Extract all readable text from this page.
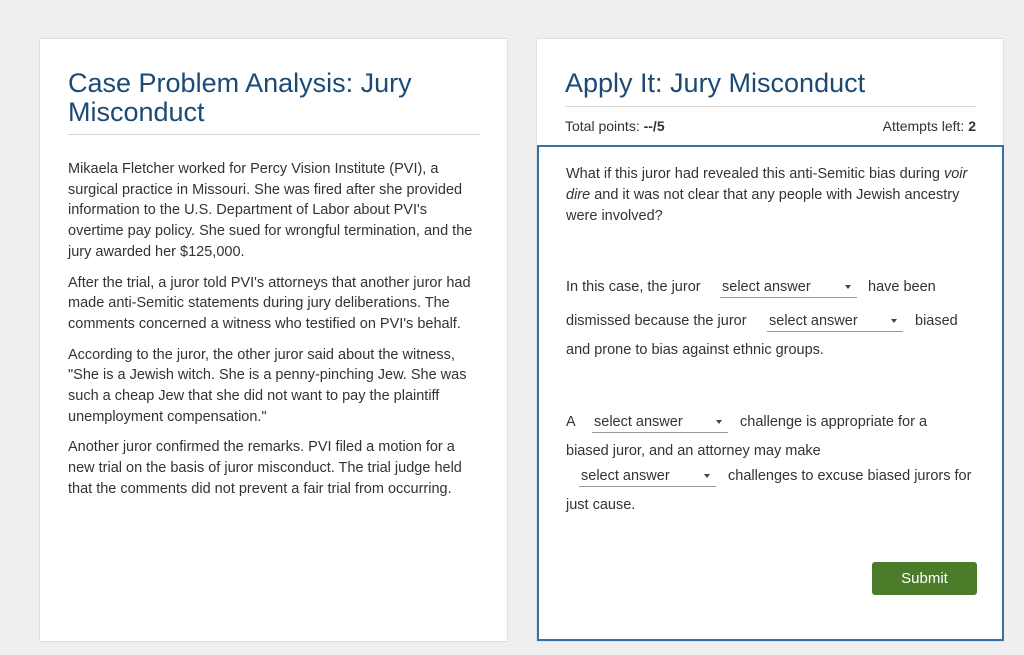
Case Problem Analysis: Jury Misconduct

Mikaela Fletcher worked for Percy Vision Institute (PVI), a surgical practice in Missouri. She was fired after she provided information to the U.S. Department of Labor about PVI's overtime pay policy. She sued for wrongful termination, and the jury awarded her $125,000.

After the trial, a juror told PVI's attorneys that another juror had made anti-Semitic statements during jury deliberations. The comments concerned a witness who testified on PVI's behalf.

According to the juror, the other juror said about the witness, "She is a Jewish witch. She is a penny-pinching Jew. She was such a cheap Jew that she did not want to pay the plaintiff unemployment compensation."

Another juror confirmed the remarks. PVI filed a motion for a new trial on the basis of juror misconduct. The trial judge held that the comments did not prevent a fair trial from occurring.

Apply It: Jury Misconduct
Total points: --/5	Attempts left: 2
What if this juror had revealed this anti-Semitic bias during voir dire and it was not clear that any people with Jewish ancestry were involved?
In this case, the juror select answer	have been
dismissed because the juror select answer	biased
and prone to bias against ethnic groups.
A select answer	challenge is appropriate for a
biased juror, and an attorney may make
select answer	challenges to excuse biased jurors for
just cause.
Submit
